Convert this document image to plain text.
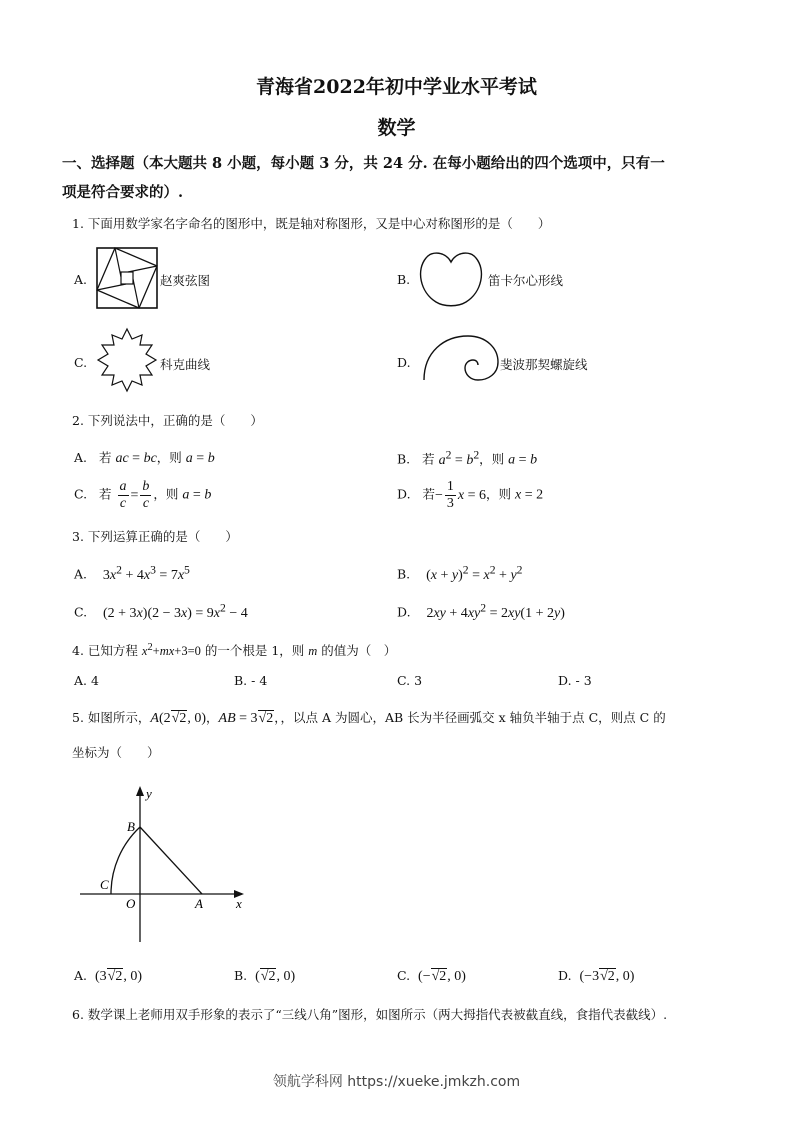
青海省2022年初中学业水平考试
数学
一、选择题（本大题共 8 小题，每小题 3 分，共 24 分. 在每小题给出的四个选项中，只有一
项是符合要求的）.
1. 下面用数学家名字命名的图形中，既是轴对称图形，又是中心对称图形的是（　　）
A.	赵爽弦图	B.	笛卡尔心形线
C.	科克曲线	D.	斐波那契螺旋线
2. 下列说法中，正确的是（　　）
A. 若 ac = bc，则 a = b	B. 若 $a^2 = b^2$，则 a = b
C. 若 $\frac{a}{c} = \frac{b}{c}$ ，则 a = b	D. 若− $\frac{1}{3}$ x = 6，则 x = 2
3. 下列运算正确的是（　　）
A. $3x^2 + 4x^3 = 7x^5$	B. $(x + y)^2 = x^2 + y^2$
C. $(2 + 3x)(2 - 3x) = 9x^2 - 4$	D. $2xy + 4xy^2 = 2xy(1 + 2y)$
4. 已知方程 $x^2+mx+3=0$ 的一个根是 1，则 m 的值为（　）
A. 4	B. ‐ 4	C. 3	D. ‐ 3
5. 如图所示，A(2√2, 0)，AB = 3√2，，以点 A 为圆心，AB 长为半径画弧交 x 轴负半轴于点 C，则点 C 的
坐标为（　　）
y
x
B
C
O	A
A. (3√2, 0)	B. (√2, 0)	C. (−√2, 0)	D. (−3√2, 0)
6. 数学课上老师用双手形象的表示了“三线八角”图形，如图所示（两大拇指代表被截直线，食指代表截线）.
领航学科网 https://xueke.jmkzh.com
